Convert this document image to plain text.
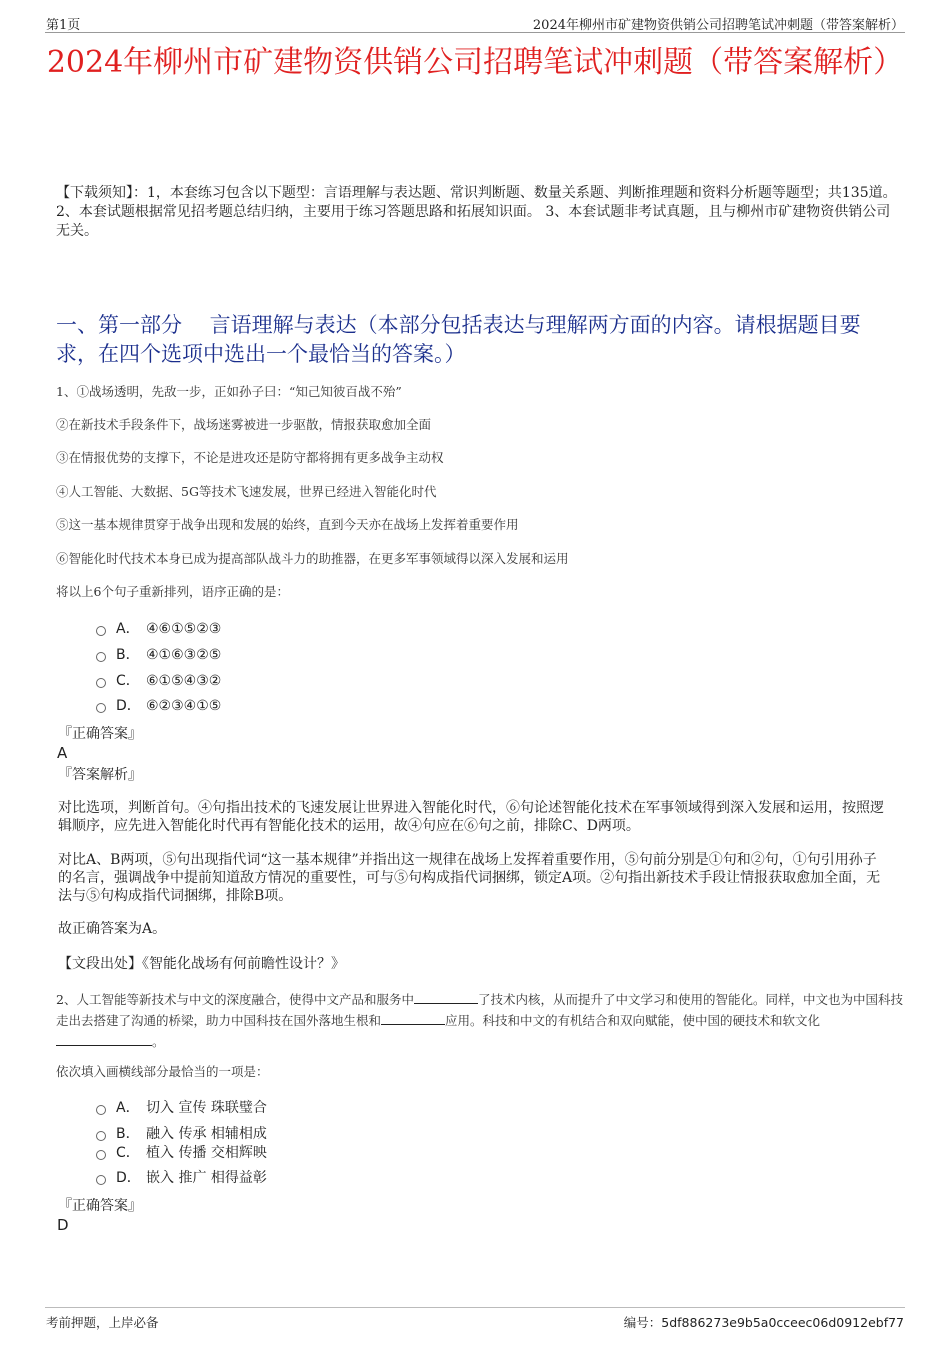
第1页	2024年柳州市矿建物资供销公司招聘笔试冲刺题（带答案解析）
2024年柳州市矿建物资供销公司招聘笔试冲刺题（带答案解析）
【下载须知】：1，本套练习包含以下题型：言语理解与表达题、常识判断题、数量关系题、判断推理题和资料分析题等题型；共135道。 2、本套试题根据常见招考题总结归纳，主要用于练习答题思路和拓展知识面。 3、本套试题非考试真题，且与柳州市矿建物资供销公司无关。
一、第一部分　 言语理解与表达（本部分包括表达与理解两方面的内容。请根据题目要求，在四个选项中选出一个最恰当的答案。）
1、①战场透明，先敌一步，正如孙子曰：“知己知彼百战不殆”
②在新技术手段条件下，战场迷雾被进一步驱散，情报获取愈加全面
③在情报优势的支撑下，不论是进攻还是防守都将拥有更多战争主动权
④人工智能、大数据、5G等技术飞速发展，世界已经进入智能化时代
⑤这一基本规律贯穿于战争出现和发展的始终，直到今天亦在战场上发挥着重要作用
⑥智能化时代技术本身已成为提高部队战斗力的助推器，在更多军事领域得以深入发展和运用
将以上6个句子重新排列，语序正确的是：
A． ④⑥①⑤②③
B． ④①⑥③②⑤
C． ⑥①⑤④③②
D． ⑥②③④①⑤
『正确答案』
A
『答案解析』
对比选项，判断首句。④句指出技术的飞速发展让世界进入智能化时代，⑥句论述智能化技术在军事领域得到深入发展和运用，按照逻辑顺序，应先进入智能化时代再有智能化技术的运用，故④句应在⑥句之前，排除C、D两项。
对比A、B两项，⑤句出现指代词“这一基本规律”并指出这一规律在战场上发挥着重要作用，⑤句前分别是①句和②句，①句引用孙子的名言，强调战争中提前知道敌方情况的重要性，可与⑤句构成指代词捆绑，锁定A项。②句指出新技术手段让情报获取愈加全面，无法与⑤句构成指代词捆绑，排除B项。
故正确答案为A。
【文段出处】《智能化战场有何前瞻性设计？》
2、人工智能等新技术与中文的深度融合，使得中文产品和服务中	了技术内核，从而提升了中文学习和使用的智能化。同样，中文也为中国科技走出去搭建了沟通的桥梁，助力中国科技在国外落地生根和	应用。科技和中文的有机结合和双向赋能，使中国的硬技术和软文化。
依次填入画横线部分最恰当的一项是：
A． 切入 宣传 珠联璧合
B． 融入 传承 相辅相成
C． 植入 传播 交相辉映
D． 嵌入 推广 相得益彰
『正确答案』
D
考前押题，上岸必备	编号：5df886273e9b5a0cceec06d0912ebf77
